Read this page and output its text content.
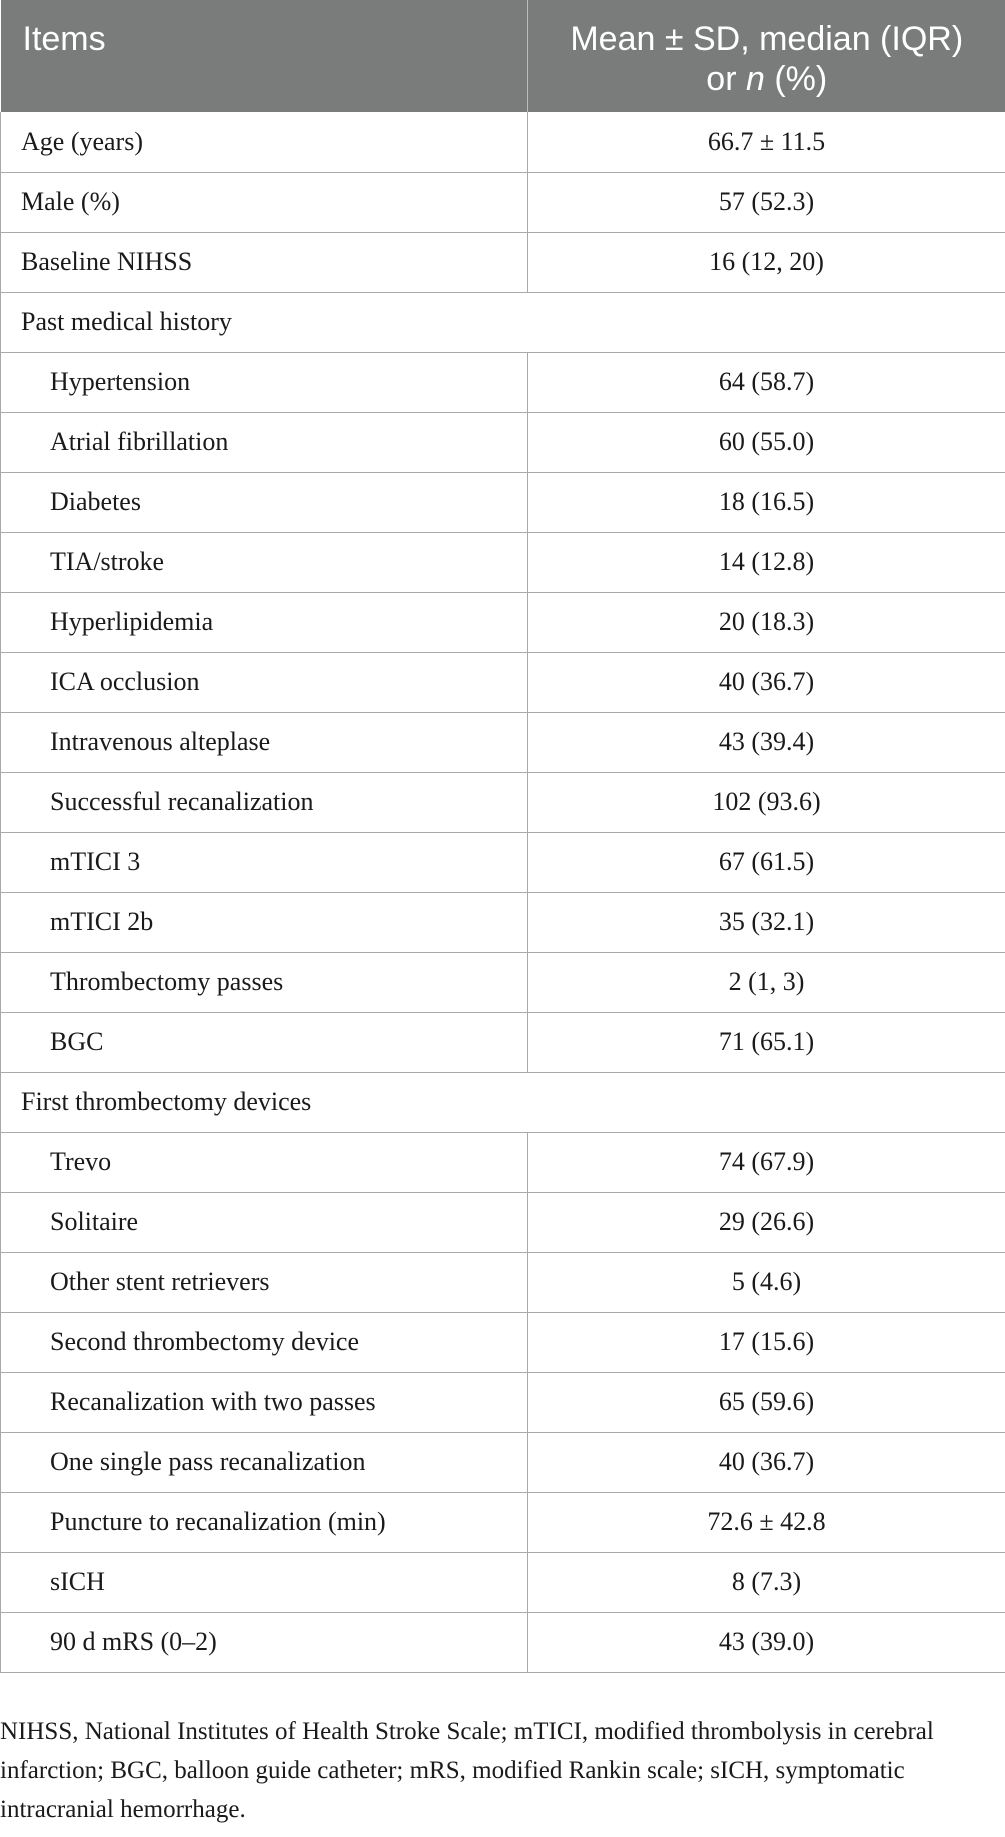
Items	Mean ± SD, median (IQR)
or n (%)

Age (years)	66.7 ± 11.5
Male (%)	57 (52.3)
Baseline NIHSS	16 (12, 20)
Past medical history	
Hypertension	64 (58.7)
Atrial fibrillation	60 (55.0)
Diabetes	18 (16.5)
TIA/stroke	14 (12.8)
Hyperlipidemia	20 (18.3)
ICA occlusion	40 (36.7)
Intravenous alteplase	43 (39.4)
Successful recanalization	102 (93.6)
mTICI 3	67 (61.5)
mTICI 2b	35 (32.1)
Thrombectomy passes	2 (1, 3)
BGC	71 (65.1)
First thrombectomy devices	
Trevo	74 (67.9)
Solitaire	29 (26.6)
Other stent retrievers	5 (4.6)
Second thrombectomy device	17 (15.6)
Recanalization with two passes	65 (59.6)
One single pass recanalization	40 (36.7)
Puncture to recanalization (min)	72.6 ± 42.8
sICH	8 (7.3)
90 d mRS (0–2)	43 (39.0)
NIHSS, National Institutes of Health Stroke Scale; mTICI, modified thrombolysis in cerebral infarction; BGC, balloon guide catheter; mRS, modified Rankin scale; sICH, symptomatic intracranial hemorrhage.
